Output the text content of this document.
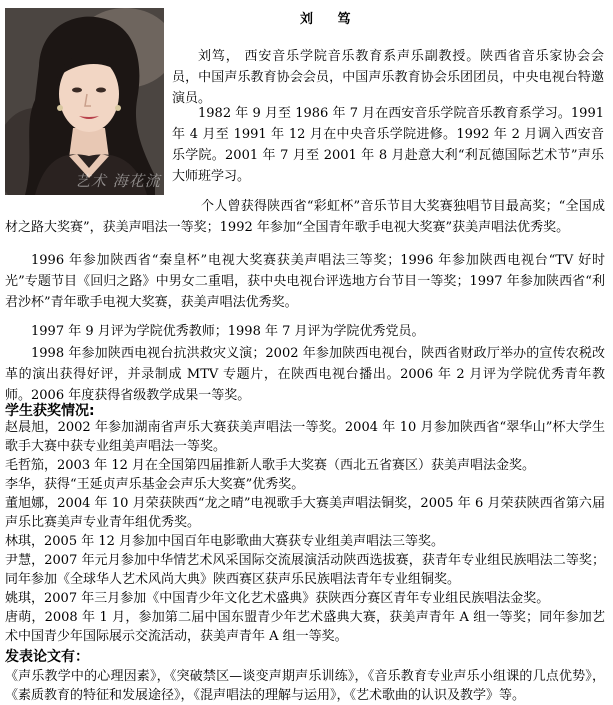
刘 笃
艺术 海花流

刘笃， 西安音乐学院音乐教育系声乐副教授。陕西省音乐家协会会员，中国声乐教育协会会员，中国声乐教育协会乐团团员，中央电视台特邀演员。

1982 年 9 月至 1986 年 7 月在西安音乐学院音乐教育系学习。1991 年 4 月至 1991 年 12 月在中央音乐学院进修。1992 年 2 月调入西安音乐学院。2001 年 7 月至 2001 年 8 月赴意大利“利瓦德国际艺术节”声乐大师班学习。

个人曾获得陕西省“彩虹杯”音乐节目大奖赛独唱节目最高奖；“全国成材之路大奖赛”，获美声唱法一等奖；1992 年参加“全国青年歌手电视大奖赛”获美声唱法优秀奖。

1996 年参加陕西省“秦皇杯”电视大奖赛获美声唱法三等奖；1996 年参加陕西电视台“TV 好时光”专题节目《回归之路》中男女二重唱，获中央电视台评选地方台节目一等奖；1997 年参加陕西省“利君沙杯”青年歌手电视大奖赛，获美声唱法优秀奖。

1997 年 9 月评为学院优秀教师；1998 年 7 月评为学院优秀党员。

1998 年参加陕西电视台抗洪救灾义演；2002 年参加陕西电视台，陕西省财政厅举办的宣传农税改革的演出获得好评，并录制成 MTV 专题片，在陕西电视台播出。2006 年 2 月评为学院优秀青年教师。2006 年度获得省级教学成果一等奖。

学生获奖情况:

赵晨旭，2002 年参加湖南省声乐大赛获美声唱法一等奖。2004 年 10 月参加陕西省“翠华山”杯大学生歌手大赛中获专业组美声唱法一等奖。

毛哲笳，2003 年 12 月在全国第四届推新人歌手大奖赛（西北五省赛区）获美声唱法金奖。

李华，获得“王延贞声乐基金会声乐大奖赛”优秀奖。

董旭娜，2004 年 10 月荣获陕西“龙之晴”电视歌手大赛美声唱法铜奖，2005 年 6 月荣获陕西省第六届声乐比赛美声专业青年组优秀奖。

林琪，2005 年 12 月参加中国百年电影歌曲大赛获专业组美声唱法三等奖。

尹慧，2007 年元月参加中华情艺术风采国际交流展演活动陕西选拔赛，获青年专业组民族唱法二等奖；同年参加《全球华人艺术风尚大典》陕西赛区获声乐民族唱法青年专业组铜奖。

姚琪，2007 年三月参加《中国青少年文化艺术盛典》获陕西分赛区青年专业组民族唱法金奖。

唐萌，2008 年 1 月，参加第二届中国东盟青少年艺术盛典大赛，获美声青年 A 组一等奖；同年参加艺术中国青少年国际展示交流活动，获美声青年 A 组一等奖。

发表论文有：

《声乐教学中的心理因素》，《突破禁区—谈变声期声乐训练》，《音乐教育专业声乐小组课的几点优势》，《素质教育的特征和发展途径》，《混声唱法的理解与运用》，《艺术歌曲的认识及教学》等。
